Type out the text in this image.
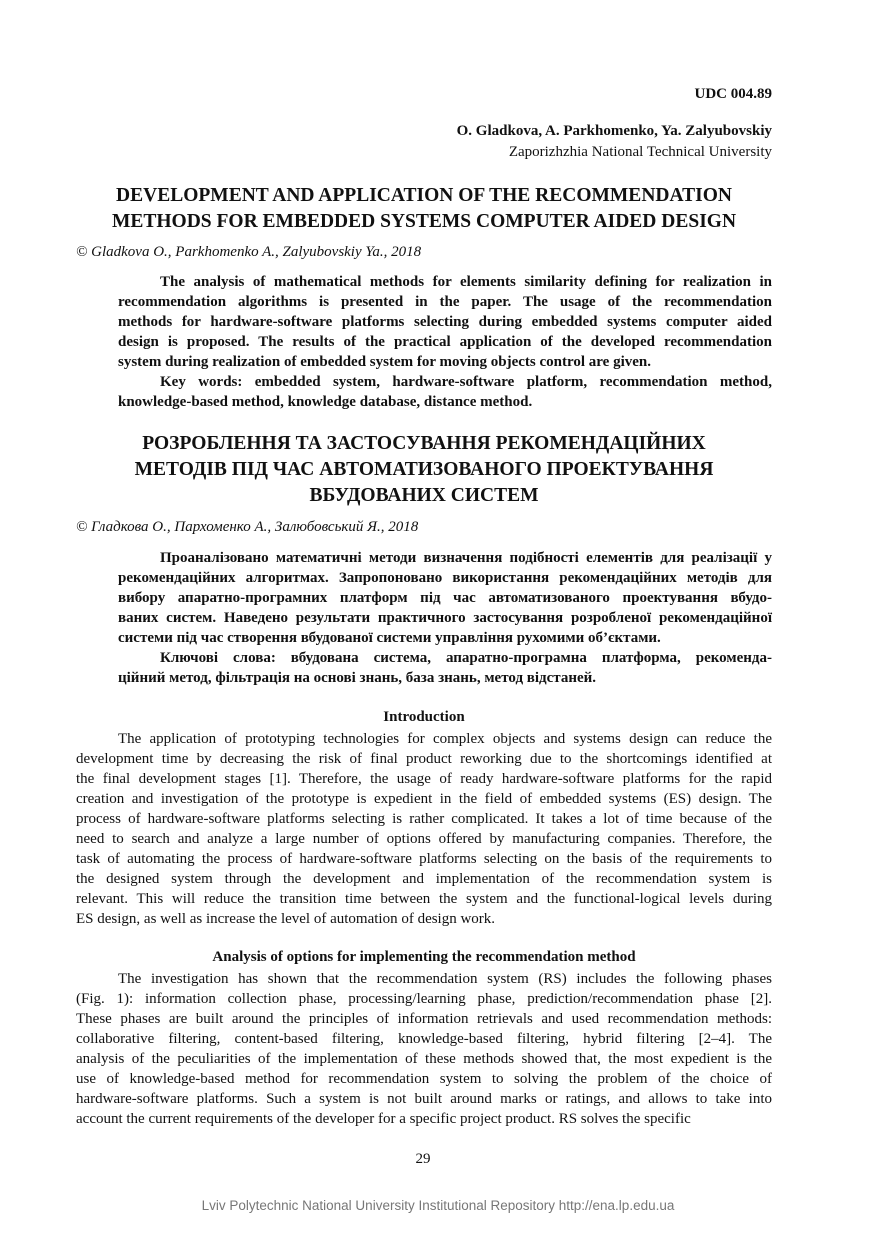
UDC 004.89
O. Gladkova, A. Parkhomenko, Ya. Zalyubovskiy
Zaporizhzhia National Technical University
DEVELOPMENT AND APPLICATION OF THE RECOMMENDATION
METHODS FOR EMBEDDED SYSTEMS COMPUTER AIDED DESIGN
© Gladkova O., Parkhomenko A., Zalyubovskiy Ya., 2018
The analysis of mathematical methods for elements similarity defining for realization in
recommendation algorithms is presented in the paper. The usage of the recommendation
methods for hardware-software platforms selecting during embedded systems computer aided
design is proposed. The results of the practical application of the developed recommendation
system during realization of embedded system for moving objects control are given.
Key words: embedded system, hardware-software platform, recommendation method,
knowledge-based method, knowledge database, distance method.
РОЗРОБЛЕННЯ ТА ЗАСТОСУВАННЯ РЕКОМЕНДАЦІЙНИХ
МЕТОДІВ ПІД ЧАС АВТОМАТИЗОВАНОГО ПРОЕКТУВАННЯ
ВБУДОВАНИХ СИСТЕМ
© Гладкова О., Пархоменко А., Залюбовський Я., 2018
Проаналізовано математичні методи визначення подібності елементів для реалізації у
рекомендаційних алгоритмах. Запропоновано використання рекомендаційних методів для
вибору апаратно-програмних платформ під час автоматизованого проектування вбудо-
ваних систем. Наведено результати практичного застосування розробленої рекомендаційної
системи під час створення вбудованої системи управління рухомими об’єктами.
Ключові слова: вбудована система, апаратно-програмна платформа, рекоменда-
ційний метод, фільтрація на основі знань, база знань, метод відстаней.
Introduction
The application of prototyping technologies for complex objects and systems design can reduce the
development time by decreasing the risk of final product reworking due to the shortcomings identified at
the final development stages [1]. Therefore, the usage of ready hardware-software platforms for the rapid
creation and investigation of the prototype is expedient in the field of embedded systems (ES) design. The
process of hardware-software platforms selecting is rather complicated. It takes a lot of time because of the
need to search and analyze a large number of options offered by manufacturing companies. Therefore, the
task of automating the process of hardware-software platforms selecting on the basis of the requirements to
the designed system through the development and implementation of the recommendation system is
relevant. This will reduce the transition time between the system and the functional-logical levels during
ES design, as well as increase the level of automation of design work.
Analysis of options for implementing the recommendation method
The investigation has shown that the recommendation system (RS) includes the following phases
(Fig. 1): information collection phase, processing/learning phase, prediction/recommendation phase [2].
These phases are built around the principles of information retrievals and used recommendation methods:
collaborative filtering, content-based filtering, knowledge-based filtering, hybrid filtering [2–4]. The
analysis of the peculiarities of the implementation of these methods showed that, the most expedient is the
use of knowledge-based method for recommendation system to solving the problem of the choice of
hardware-software platforms. Such a system is not built around marks or ratings, and allows to take into
account the current requirements of the developer for a specific project product. RS solves the specific
29
Lviv Polytechnic National University Institutional Repository http://ena.lp.edu.ua
